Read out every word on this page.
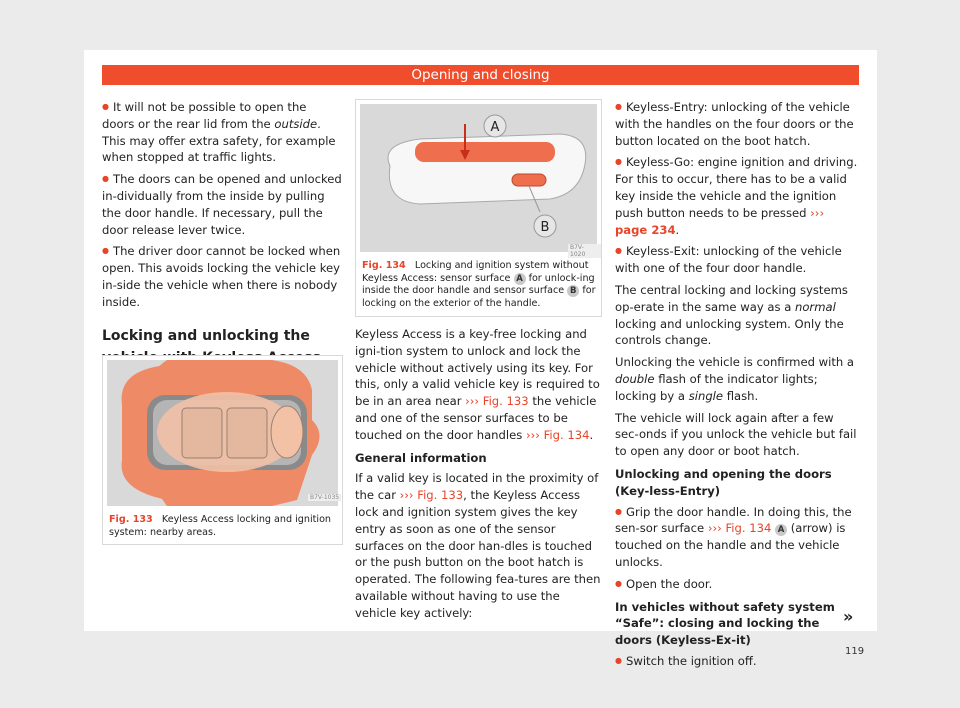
Opening and closing

● It will not be possible to open the doors or the rear lid from the outside. This may offer extra safety, for example when stopped at traffic lights.

● The doors can be opened and unlocked in-dividually from the inside by pulling the door handle. If necessary, pull the door release lever twice.

● The driver door cannot be locked when open. This avoids locking the vehicle key in-side the vehicle when there is nobody inside.

Locking and unlocking the
B7V-1035
Fig. 133 Keyless Access locking and ignition system: nearby areas.
A
B
B7V-1020
Fig. 134 Locking and ignition system without Keyless Access: sensor surface A for unlock-ing inside the door handle and sensor surface B for locking on the exterior of the handle.

Keyless Access is a key-free locking and igni-tion system to unlock and lock the vehicle without actively using its key. For this, only a valid vehicle key is required to be in an area near ››› Fig. 133 the vehicle and one of the sensor surfaces to be touched on the door handles ››› Fig. 134.

General information

If a valid key is located in the proximity of the car ››› Fig. 133, the Keyless Access lock and ignition system gives the key entry as soon as one of the sensor surfaces on the door han-dles is touched or the push button on the boot hatch is operated. The following fea-tures are then available without having to use the vehicle key actively:

● Keyless-Entry: unlocking of the vehicle with the handles on the four doors or the button located on the boot hatch.

● Keyless-Go: engine ignition and driving. For this to occur, there has to be a valid key inside the vehicle and the ignition push button needs to be pressed ››› page 234.

● Keyless-Exit: unlocking of the vehicle with one of the four door handle.

The central locking and locking systems op-erate in the same way as a normal locking and unlocking system. Only the controls change.

Unlocking the vehicle is confirmed with a double flash of the indicator lights; locking by a single flash.

The vehicle will lock again after a few sec-onds if you unlock the vehicle but fail to open any door or boot hatch.

Unlocking and opening the doors (Key-less-Entry)

● Grip the door handle. In doing this, the sen-sor surface ››› Fig. 134 A (arrow) is touched on the handle and the vehicle unlocks.

● Open the door.

In vehicles without safety system “Safe”: closing and locking the doors (Keyless-Ex-it)

● Switch the ignition off.

»
119
